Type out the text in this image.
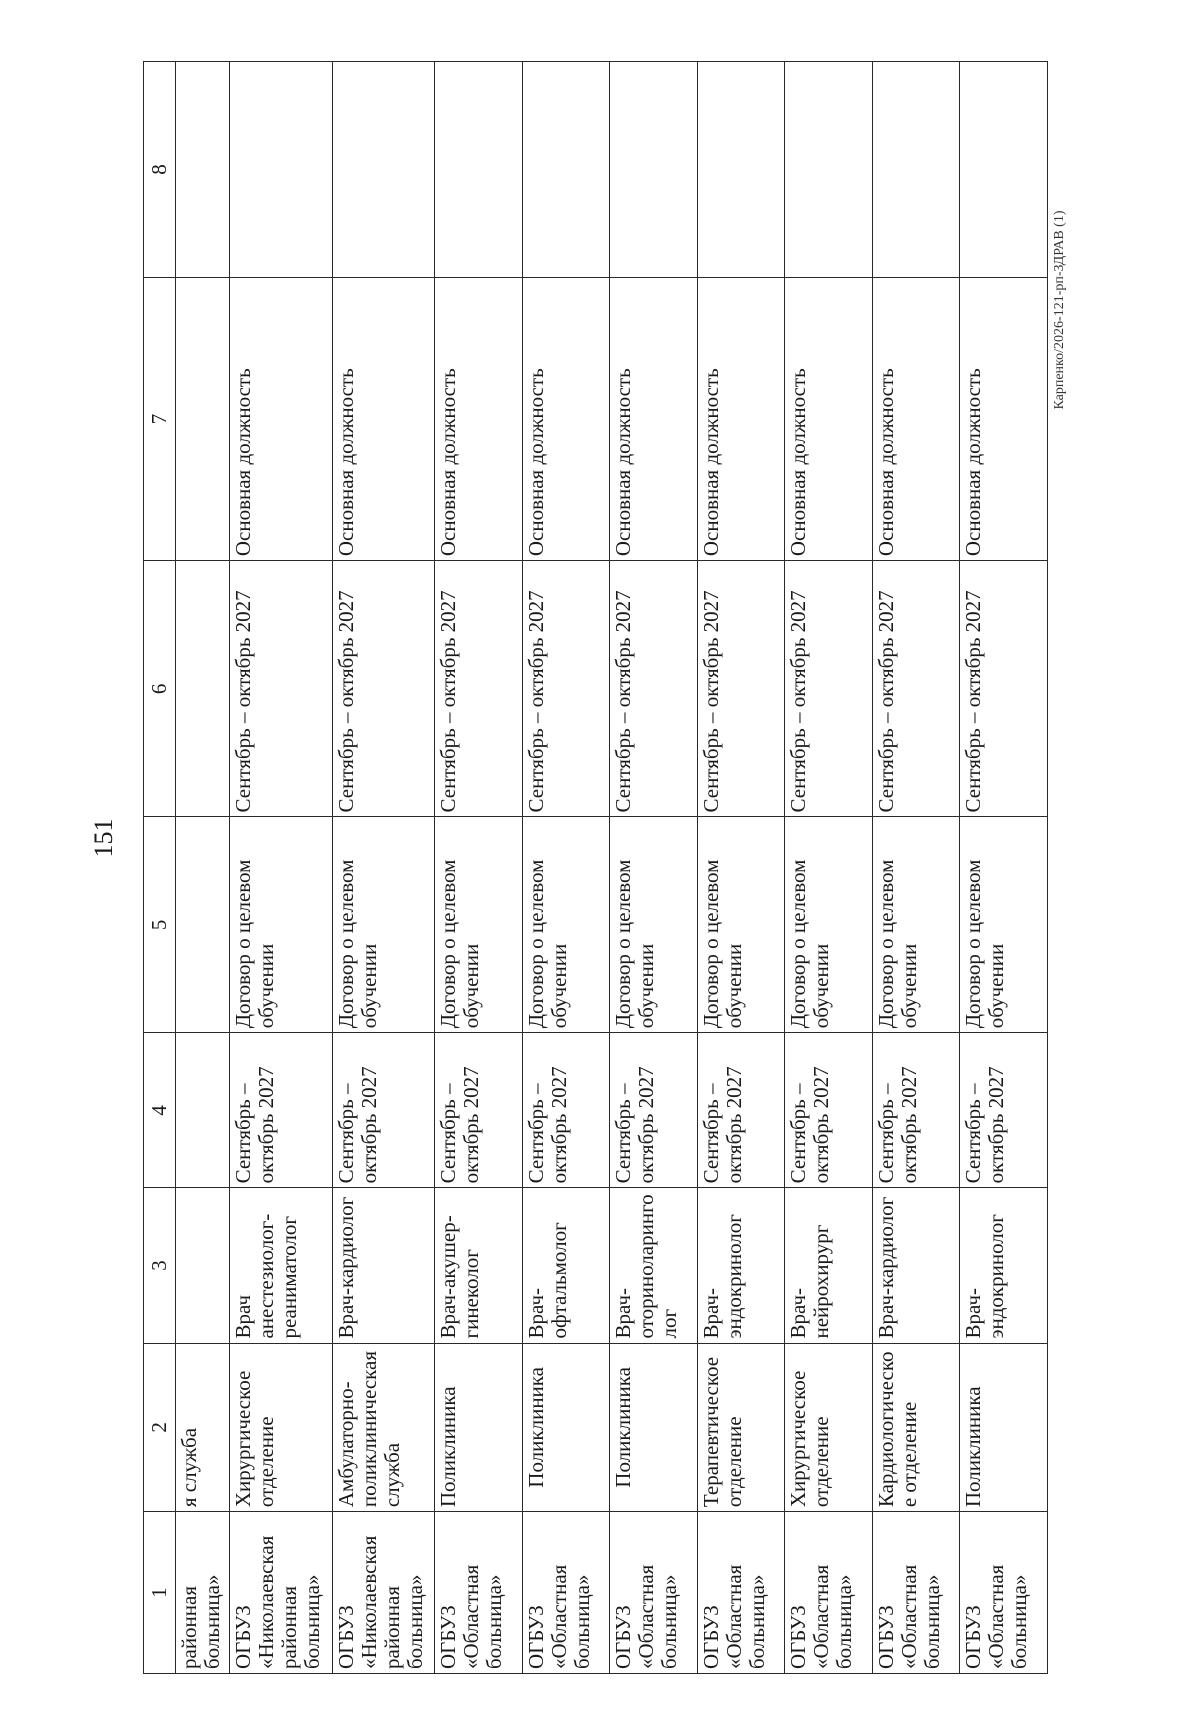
151
Карпенко/2026-121-рп-ЗДРАВ (1)
1	2	3	4	5	6	7	8
районная больница»	я служба						
ОГБУЗ «Николаевская районная больница»	Хирургическое отделение	Врач анестезиолог-реаниматолог	Сентябрь – октябрь 2027	Договор о целевом обучении	Сентябрь – октябрь 2027	Основная должность	
ОГБУЗ «Николаевская районная больница»	Амбулаторно-поликлиническая служба	Врач-кардиолог	Сентябрь – октябрь 2027	Договор о целевом обучении	Сентябрь – октябрь 2027	Основная должность	
ОГБУЗ «Областная больница»	Поликлиника	Врач-акушер-гинеколог	Сентябрь – октябрь 2027	Договор о целевом обучении	Сентябрь – октябрь 2027	Основная должность	
ОГБУЗ «Областная больница»	Поликлиника	Врач-офтальмолог	Сентябрь – октябрь 2027	Договор о целевом обучении	Сентябрь – октябрь 2027	Основная должность	
ОГБУЗ «Областная больница»	Поликлиника	Врач-оториноларинголог	Сентябрь – октябрь 2027	Договор о целевом обучении	Сентябрь – октябрь 2027	Основная должность	
ОГБУЗ «Областная больница»	Терапевтическое отделение	Врач-эндокринолог	Сентябрь – октябрь 2027	Договор о целевом обучении	Сентябрь – октябрь 2027	Основная должность	
ОГБУЗ «Областная больница»	Хирургическое отделение	Врач-нейрохирург	Сентябрь – октябрь 2027	Договор о целевом обучении	Сентябрь – октябрь 2027	Основная должность	
ОГБУЗ «Областная больница»	Кардиологическое отделение	Врач-кардиолог	Сентябрь – октябрь 2027	Договор о целевом обучении	Сентябрь – октябрь 2027	Основная должность	
ОГБУЗ «Областная больница»	Поликлиника	Врач-эндокринолог	Сентябрь – октябрь 2027	Договор о целевом обучении	Сентябрь – октябрь 2027	Основная должность	
